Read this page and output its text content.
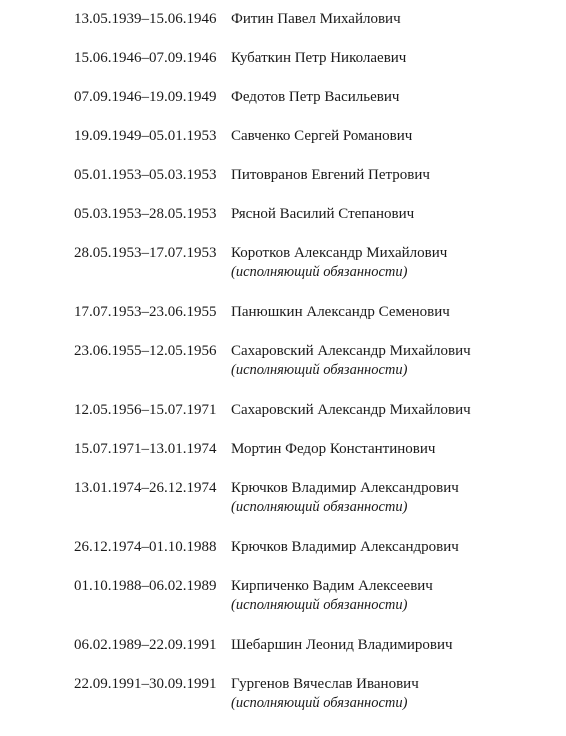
13.05.1939–15.06.1946 Фитин Павел Михайлович
15.06.1946–07.09.1946 Кубаткин Петр Николаевич
07.09.1946–19.09.1949 Федотов Петр Васильевич
19.09.1949–05.01.1953 Савченко Сергей Романович
05.01.1953–05.03.1953 Питовранов Евгений Петрович
05.03.1953–28.05.1953 Рясной Василий Степанович
28.05.1953–17.07.1953 Коротков Александр Михайлович
(исполняющий обязанности)
17.07.1953–23.06.1955 Панюшкин Александр Семенович
23.06.1955–12.05.1956 Сахаровский Александр Михайлович
(исполняющий обязанности)
12.05.1956–15.07.1971 Сахаровский Александр Михайлович
15.07.1971–13.01.1974 Мортин Федор Константинович
13.01.1974–26.12.1974 Крючков Владимир Александрович
(исполняющий обязанности)
26.12.1974–01.10.1988 Крючков Владимир Александрович
01.10.1988–06.02.1989 Кирпиченко Вадим Алексеевич
(исполняющий обязанности)
06.02.1989–22.09.1991 Шебаршин Леонид Владимирович
22.09.1991–30.09.1991 Гургенов Вячеслав Иванович
(исполняющий обязанности)
